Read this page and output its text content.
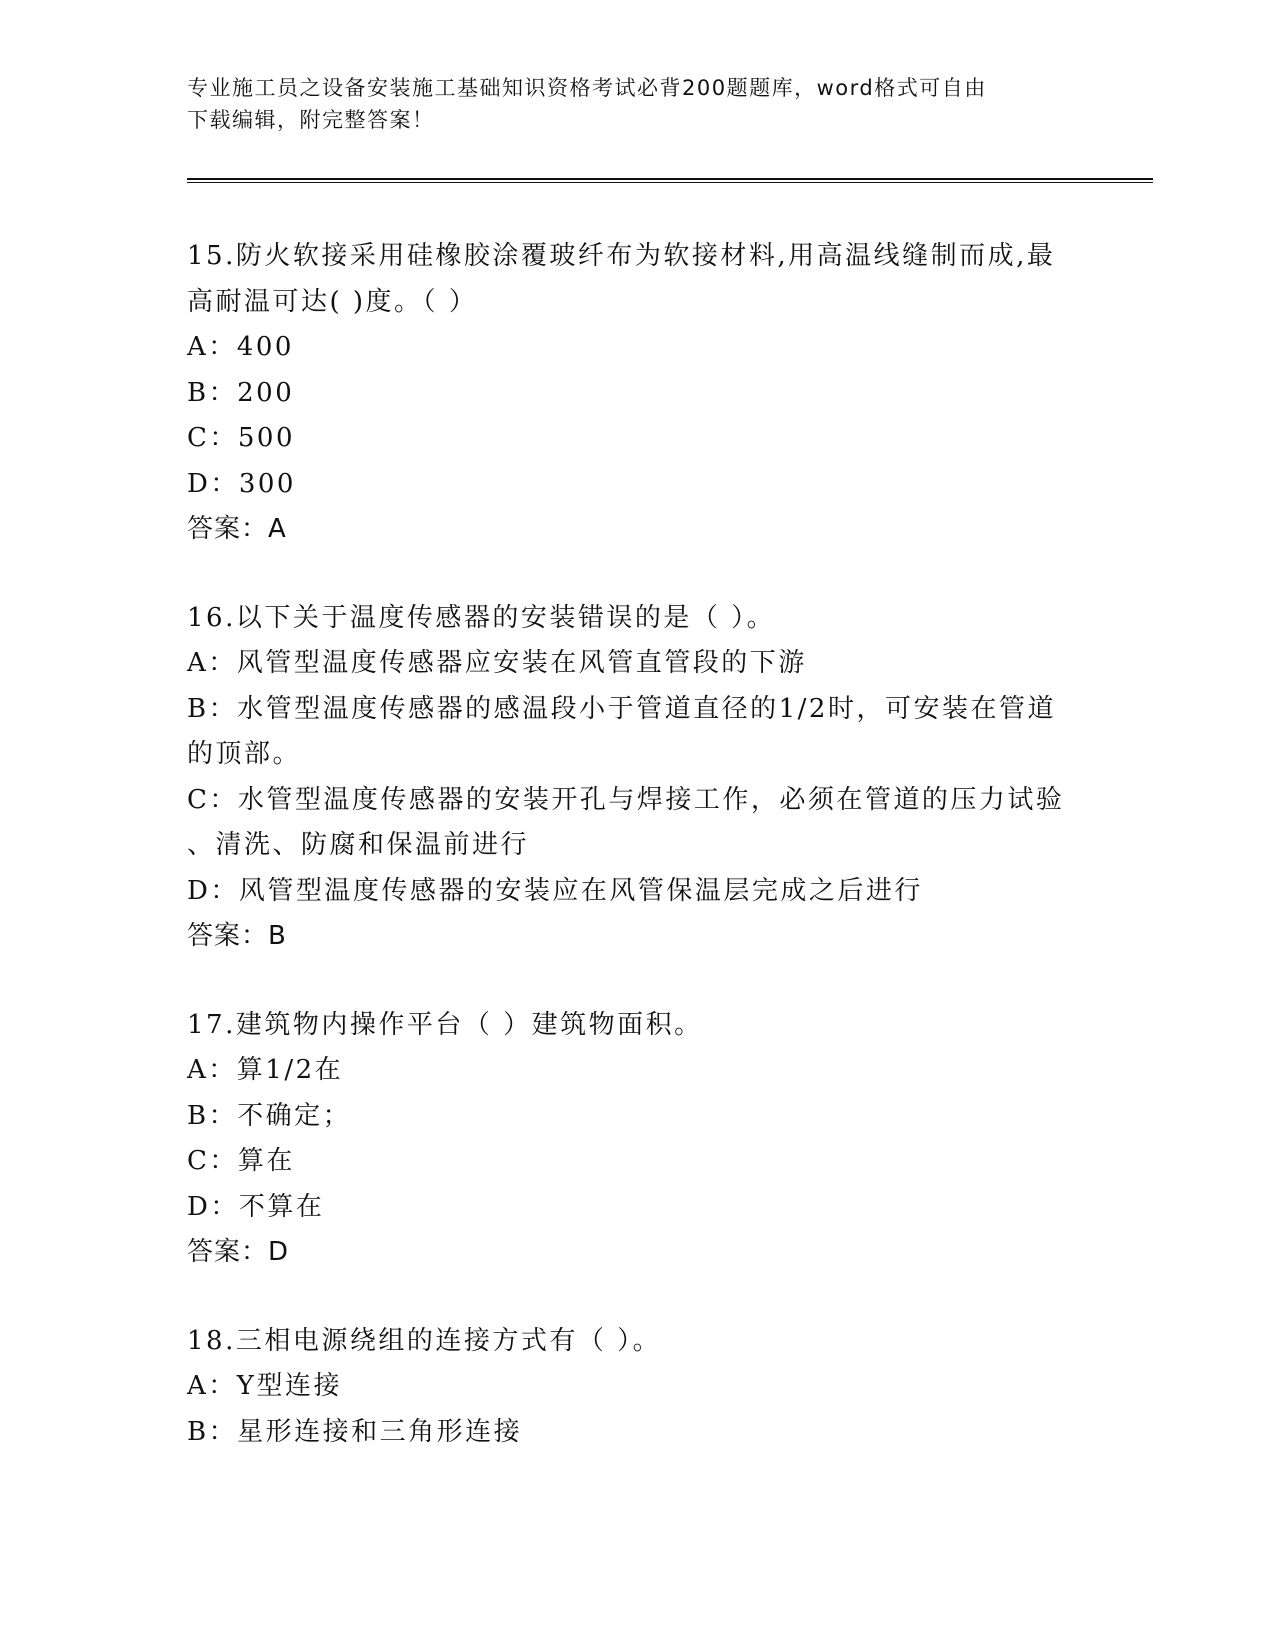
专业施工员之设备安装施工基础知识资格考试必背200题题库，word格式可自由
下载编辑，附完整答案！
15.防火软接采用硅橡胶涂覆玻纤布为软接材料,用高温线缝制而成,最
高耐温可达( )度。（ ）
A：400
B：200
C：500
D：300
答案：A
16.以下关于温度传感器的安装错误的是（ ）。
A：风管型温度传感器应安装在风管直管段的下游
B：水管型温度传感器的感温段小于管道直径的1/2时，可安装在管道
的顶部。
C：水管型温度传感器的安装开孔与焊接工作，必须在管道的压力试验
、清洗、防腐和保温前进行
D：风管型温度传感器的安装应在风管保温层完成之后进行
答案：B
17.建筑物内操作平台（ ）建筑物面积。
A：算1/2在
B：不确定；
C：算在
D：不算在
答案：D
18.三相电源绕组的连接方式有（ ）。
A：Y型连接
B：星形连接和三角形连接
